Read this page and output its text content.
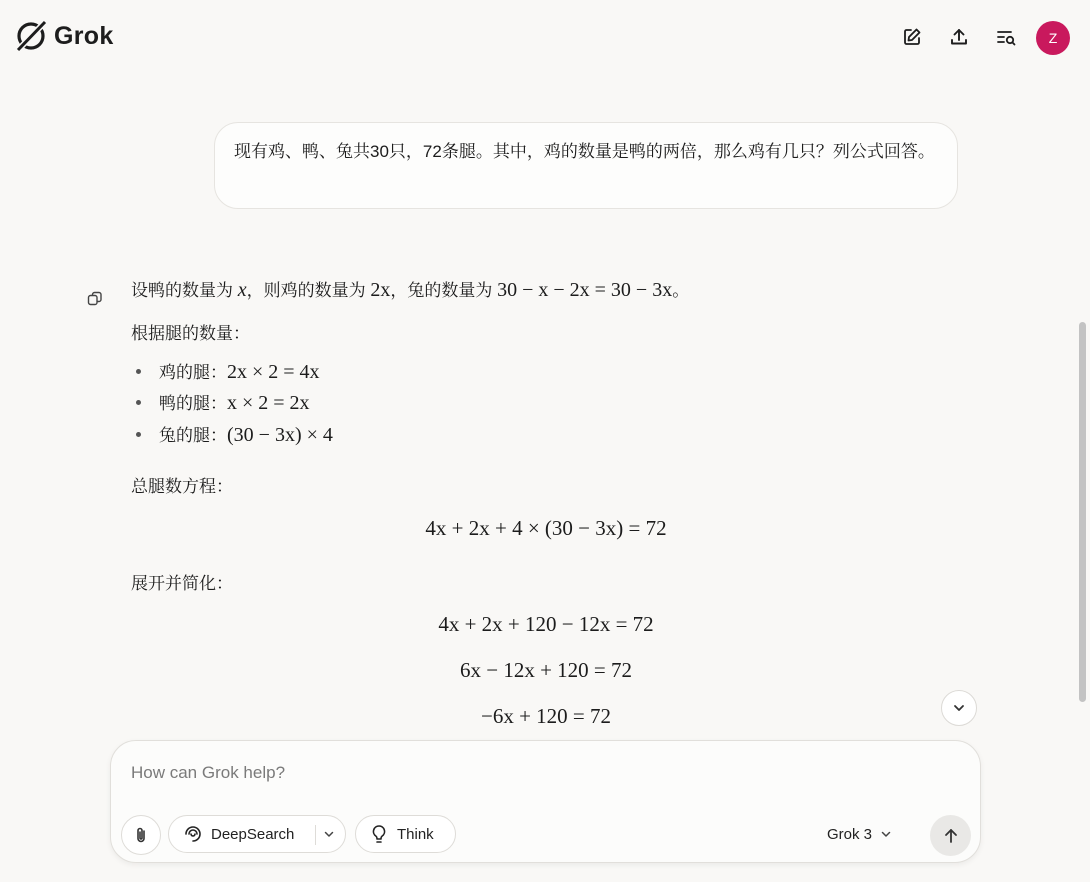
Grok	Z
现有鸡、鸭、兔共30只，72条腿。其中，鸡的数量是鸭的两倍，那么鸡有几只？列公式回答。
设鸭的数量为 x，则鸡的数量为 2x，兔的数量为 30 − x − 2x = 30 − 3x。
根据腿的数量：
鸡的腿：2x × 2 = 4x
鸭的腿：x × 2 = 2x
兔的腿：(30 − 3x) × 4
总腿数方程：
4x + 2x + 4 × (30 − 3x) = 72
展开并简化：
4x + 2x + 120 − 12x = 72
6x − 12x + 120 = 72
−6x + 120 = 72
How can Grok help?
DeepSearch	Think	Grok 3
